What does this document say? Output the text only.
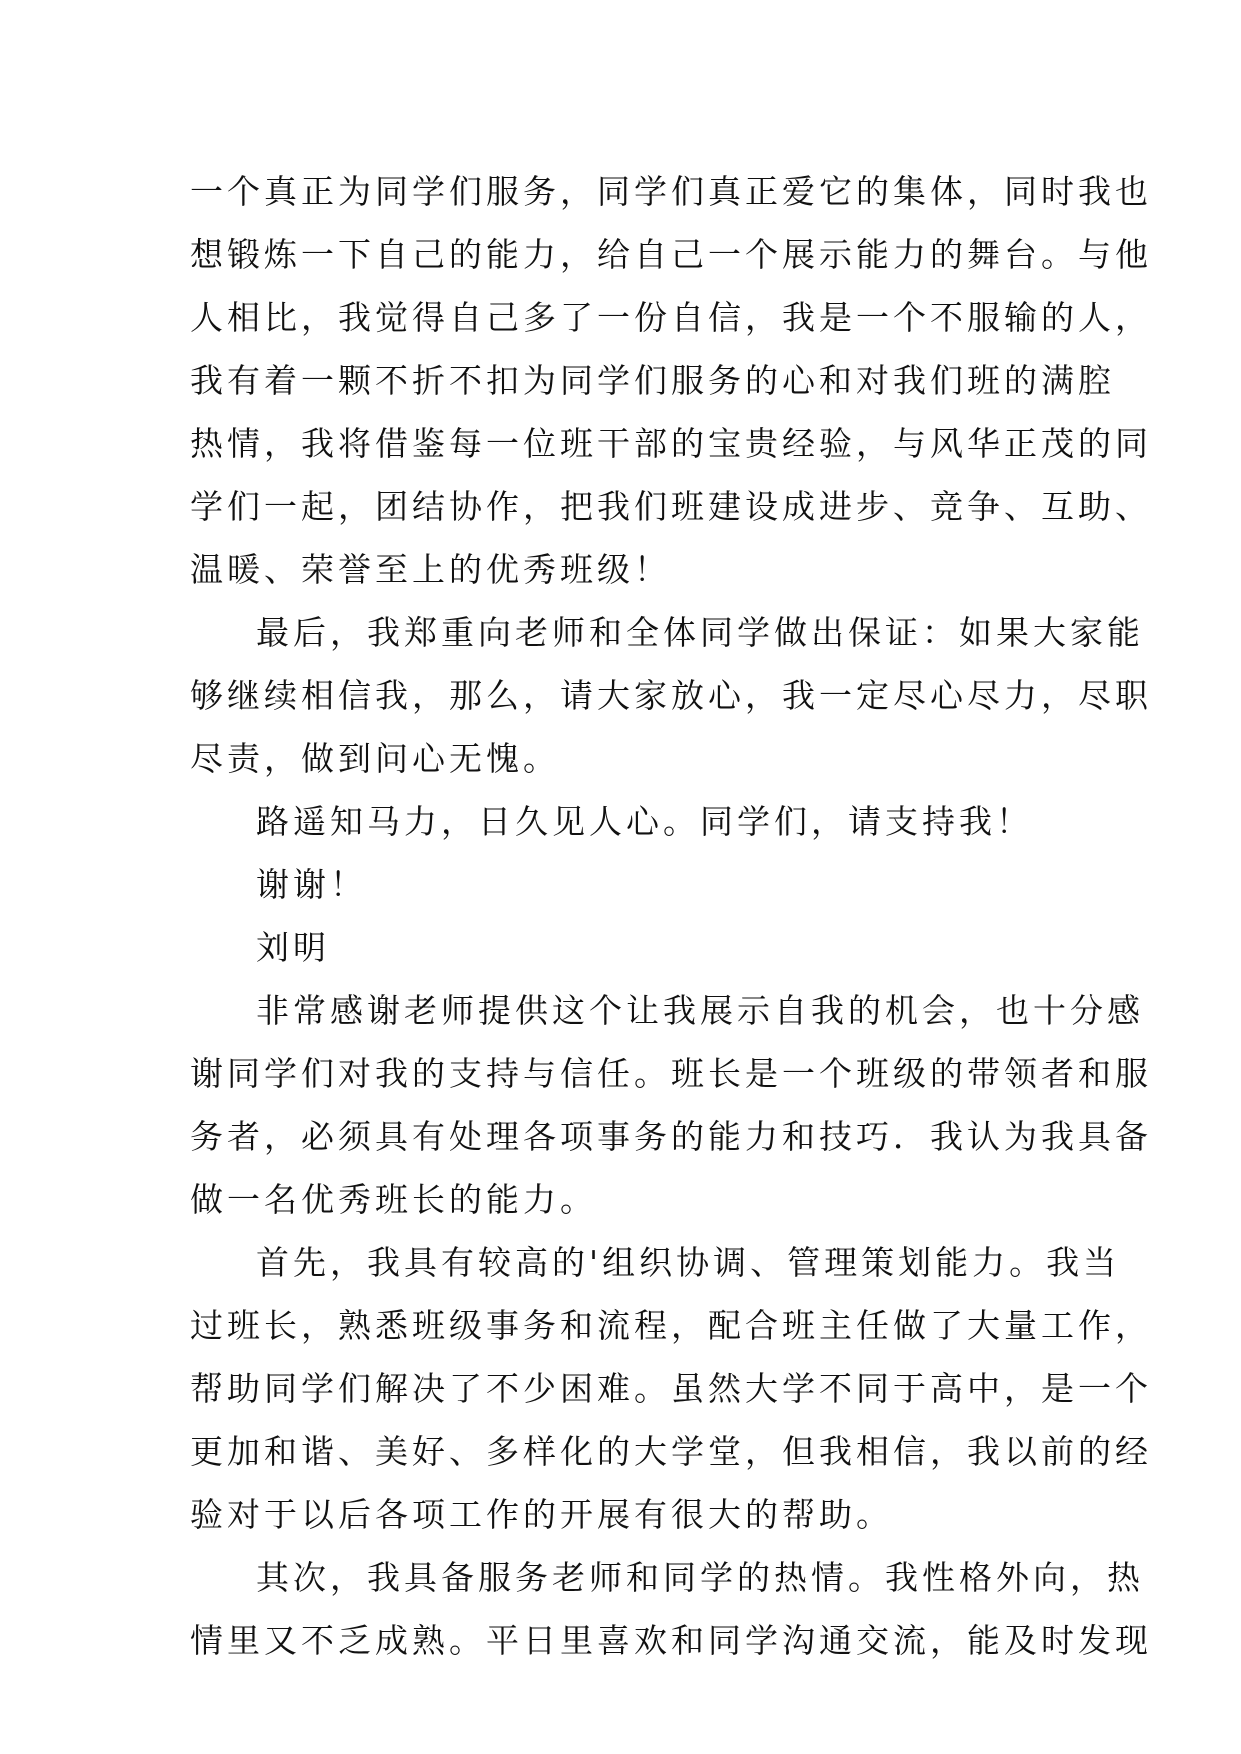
一个真正为同学们服务，同学们真正爱它的集体，同时我也
想锻炼一下自己的能力，给自己一个展示能力的舞台。与他
人相比，我觉得自己多了一份自信，我是一个不服输的人，
我有着一颗不折不扣为同学们服务的心和对我们班的满腔
热情，我将借鉴每一位班干部的宝贵经验，与风华正茂的同
学们一起，团结协作，把我们班建设成进步、竞争、互助、
温暖、荣誉至上的优秀班级！
最后，我郑重向老师和全体同学做出保证：如果大家能
够继续相信我，那么，请大家放心，我一定尽心尽力，尽职
尽责，做到问心无愧。
路遥知马力，日久见人心。同学们，请支持我！
谢谢！
刘明
非常感谢老师提供这个让我展示自我的机会，也十分感
谢同学们对我的支持与信任。班长是一个班级的带领者和服
务者，必须具有处理各项事务的能力和技巧．我认为我具备
做一名优秀班长的能力。
首先，我具有较高的'组织协调、管理策划能力。我当
过班长，熟悉班级事务和流程，配合班主任做了大量工作，
帮助同学们解决了不少困难。虽然大学不同于高中，是一个
更加和谐、美好、多样化的大学堂，但我相信，我以前的经
验对于以后各项工作的开展有很大的帮助。
其次，我具备服务老师和同学的热情。我性格外向，热
情里又不乏成熟。平日里喜欢和同学沟通交流，能及时发现
